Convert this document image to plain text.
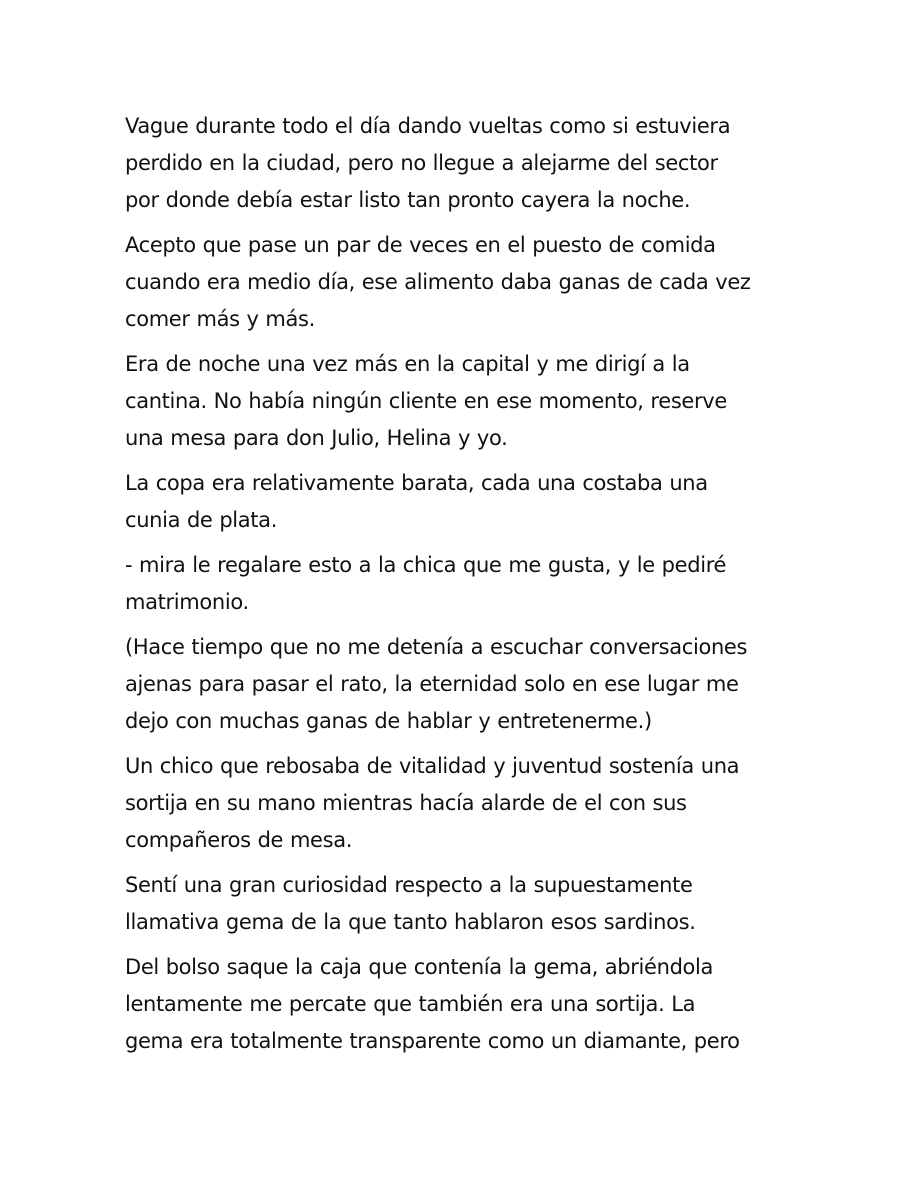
Vague durante todo el día dando vueltas como si estuviera
perdido en la ciudad, pero no llegue a alejarme del sector
por donde debía estar listo tan pronto cayera la noche.

Acepto que pase un par de veces en el puesto de comida
cuando era medio día, ese alimento daba ganas de cada vez
comer más y más.

Era de noche una vez más en la capital y me dirigí a la
cantina. No había ningún cliente en ese momento, reserve
una mesa para don Julio, Helina y yo.

La copa era relativamente barata, cada una costaba una
cunia de plata.

- mira le regalare esto a la chica que me gusta, y le pediré
matrimonio.

(Hace tiempo que no me detenía a escuchar conversaciones
ajenas para pasar el rato, la eternidad solo en ese lugar me
dejo con muchas ganas de hablar y entretenerme.)

Un chico que rebosaba de vitalidad y juventud sostenía una
sortija en su mano mientras hacía alarde de el con sus
compañeros de mesa.

Sentí una gran curiosidad respecto a la supuestamente
llamativa gema de la que tanto hablaron esos sardinos.

Del bolso saque la caja que contenía la gema, abriéndola
lentamente me percate que también era una sortija. La
gema era totalmente transparente como un diamante, pero
